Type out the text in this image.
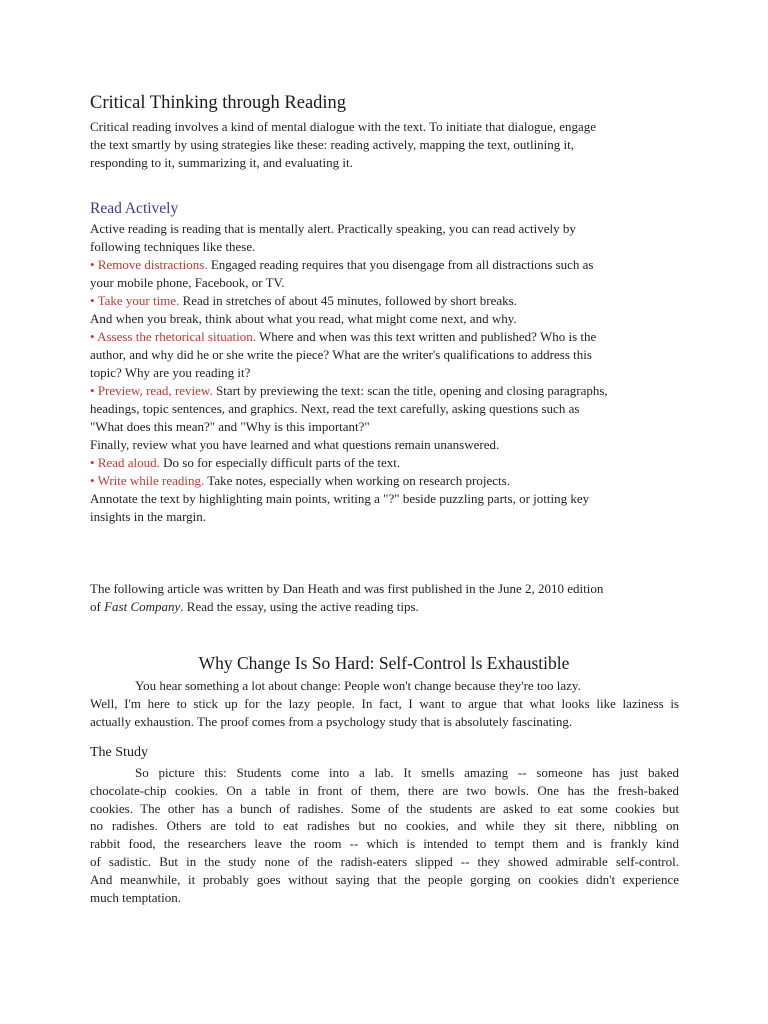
Critical Thinking through Reading

Critical reading involves a kind of mental dialogue with the text. To initiate that dialogue, engage
the text smartly by using strategies like these: reading actively, mapping the text, outlining it,
responding to it, summarizing it, and evaluating it.

Read Actively

Active reading is reading that is mentally alert. Practically speaking, you can read actively by
following techniques like these.
• Remove distractions. Engaged reading requires that you disengage from all distractions such as
your mobile phone, Facebook, or TV.
• Take your time. Read in stretches of about 45 minutes, followed by short breaks.
And when you break, think about what you read, what might come next, and why.
• Assess the rhetorical situation. Where and when was this text written and published? Who is the
author, and why did he or she write the piece? What are the writer's qualifications to address this
topic? Why are you reading it?
• Preview, read, review. Start by previewing the text: scan the title, opening and closing paragraphs,
headings, topic sentences, and graphics. Next, read the text carefully, asking questions such as
"What does this mean?" and "Why is this important?"
Finally, review what you have learned and what questions remain unanswered.
• Read aloud. Do so for especially difficult parts of the text.
• Write while reading. Take notes, especially when working on research projects.
Annotate the text by highlighting main points, writing a "?" beside puzzling parts, or jotting key
insights in the margin.

The following article was written by Dan Heath and was first published in the June 2, 2010 edition
of Fast Company. Read the essay, using the active reading tips.

Why Change Is So Hard: Self-Control ls Exhaustible

You hear something a lot about change: People won't change because they're too lazy.
Well, I'm here to stick up for the lazy people. In fact, I want to argue that what looks like laziness is
actually exhaustion. The proof comes from a psychology study that is absolutely fascinating.

The Study

So picture this: Students come into a lab. It smells amazing -- someone has just baked
chocolate-chip cookies. On a table in front of them, there are two bowls. One has the fresh-baked
cookies. The other has a bunch of radishes. Some of the students are asked to eat some cookies but
no radishes. Others are told to eat radishes but no cookies, and while they sit there, nibbling on
rabbit food, the researchers leave the room -- which is intended to tempt them and is frankly kind
of sadistic. But in the study none of the radish-eaters slipped -- they showed admirable self-control.
And meanwhile, it probably goes without saying that the people gorging on cookies didn't experience
much temptation.
